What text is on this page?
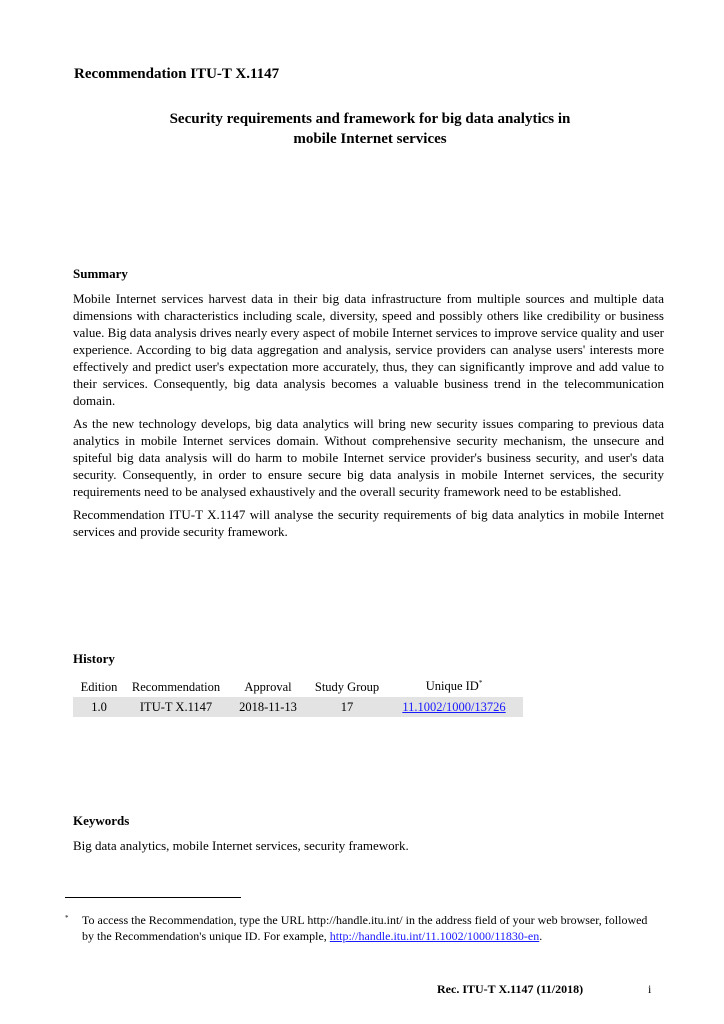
Recommendation ITU-T X.1147
Security requirements and framework for big data analytics in
mobile Internet services
Summary

Mobile Internet services harvest data in their big data infrastructure from multiple sources and multiple data dimensions with characteristics including scale, diversity, speed and possibly others like credibility or business value. Big data analysis drives nearly every aspect of mobile Internet services to improve service quality and user experience. According to big data aggregation and analysis, service providers can analyse users' interests more effectively and predict user's expectation more accurately, thus, they can significantly improve and add value to their services. Consequently, big data analysis becomes a valuable business trend in the telecommunication domain.

As the new technology develops, big data analytics will bring new security issues comparing to previous data analytics in mobile Internet services domain. Without comprehensive security mechanism, the unsecure and spiteful big data analysis will do harm to mobile Internet service provider's business security, and user's data security. Consequently, in order to ensure secure big data analysis in mobile Internet services, the security requirements need to be analysed exhaustively and the overall security framework need to be established.

Recommendation ITU-T X.1147 will analyse the security requirements of big data analytics in mobile Internet services and provide security framework.

History
Edition	Recommendation	Approval	Study Group	Unique ID*
1.0	ITU-T X.1147	2018-11-13	17	11.1002/1000/13726
Keywords
Big data analytics, mobile Internet services, security framework.
* To access the Recommendation, type the URL http://handle.itu.int/ in the address field of your web browser, followed by the Recommendation's unique ID. For example, http://handle.itu.int/11.1002/1000/11830-en.
Rec. ITU-T X.1147 (11/2018)	i
